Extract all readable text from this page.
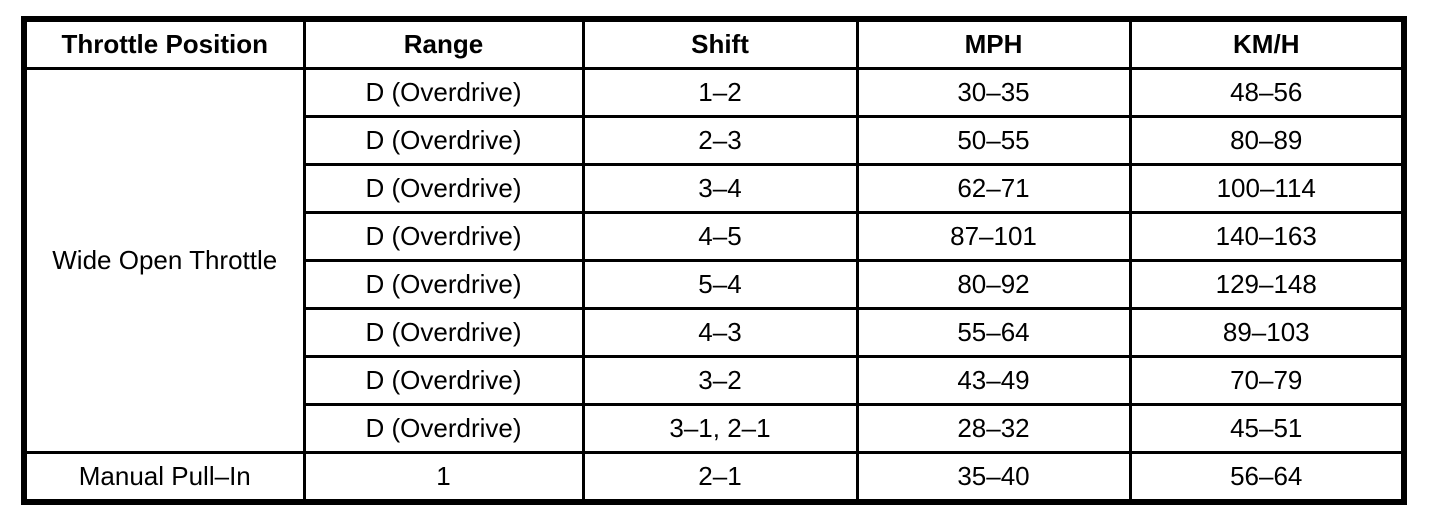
Throttle Position	Range	Shift	MPH	KM/H
Wide Open Throttle	D (Overdrive)	1–2	30–35	48–56
	D (Overdrive)	2–3	50–55	80–89
	D (Overdrive)	3–4	62–71	100–114
	D (Overdrive)	4–5	87–101	140–163
	D (Overdrive)	5–4	80–92	129–148
	D (Overdrive)	4–3	55–64	89–103
	D (Overdrive)	3–2	43–49	70–79
	D (Overdrive)	3–1, 2–1	28–32	45–51
Manual Pull–In	1	2–1	35–40	56–64
